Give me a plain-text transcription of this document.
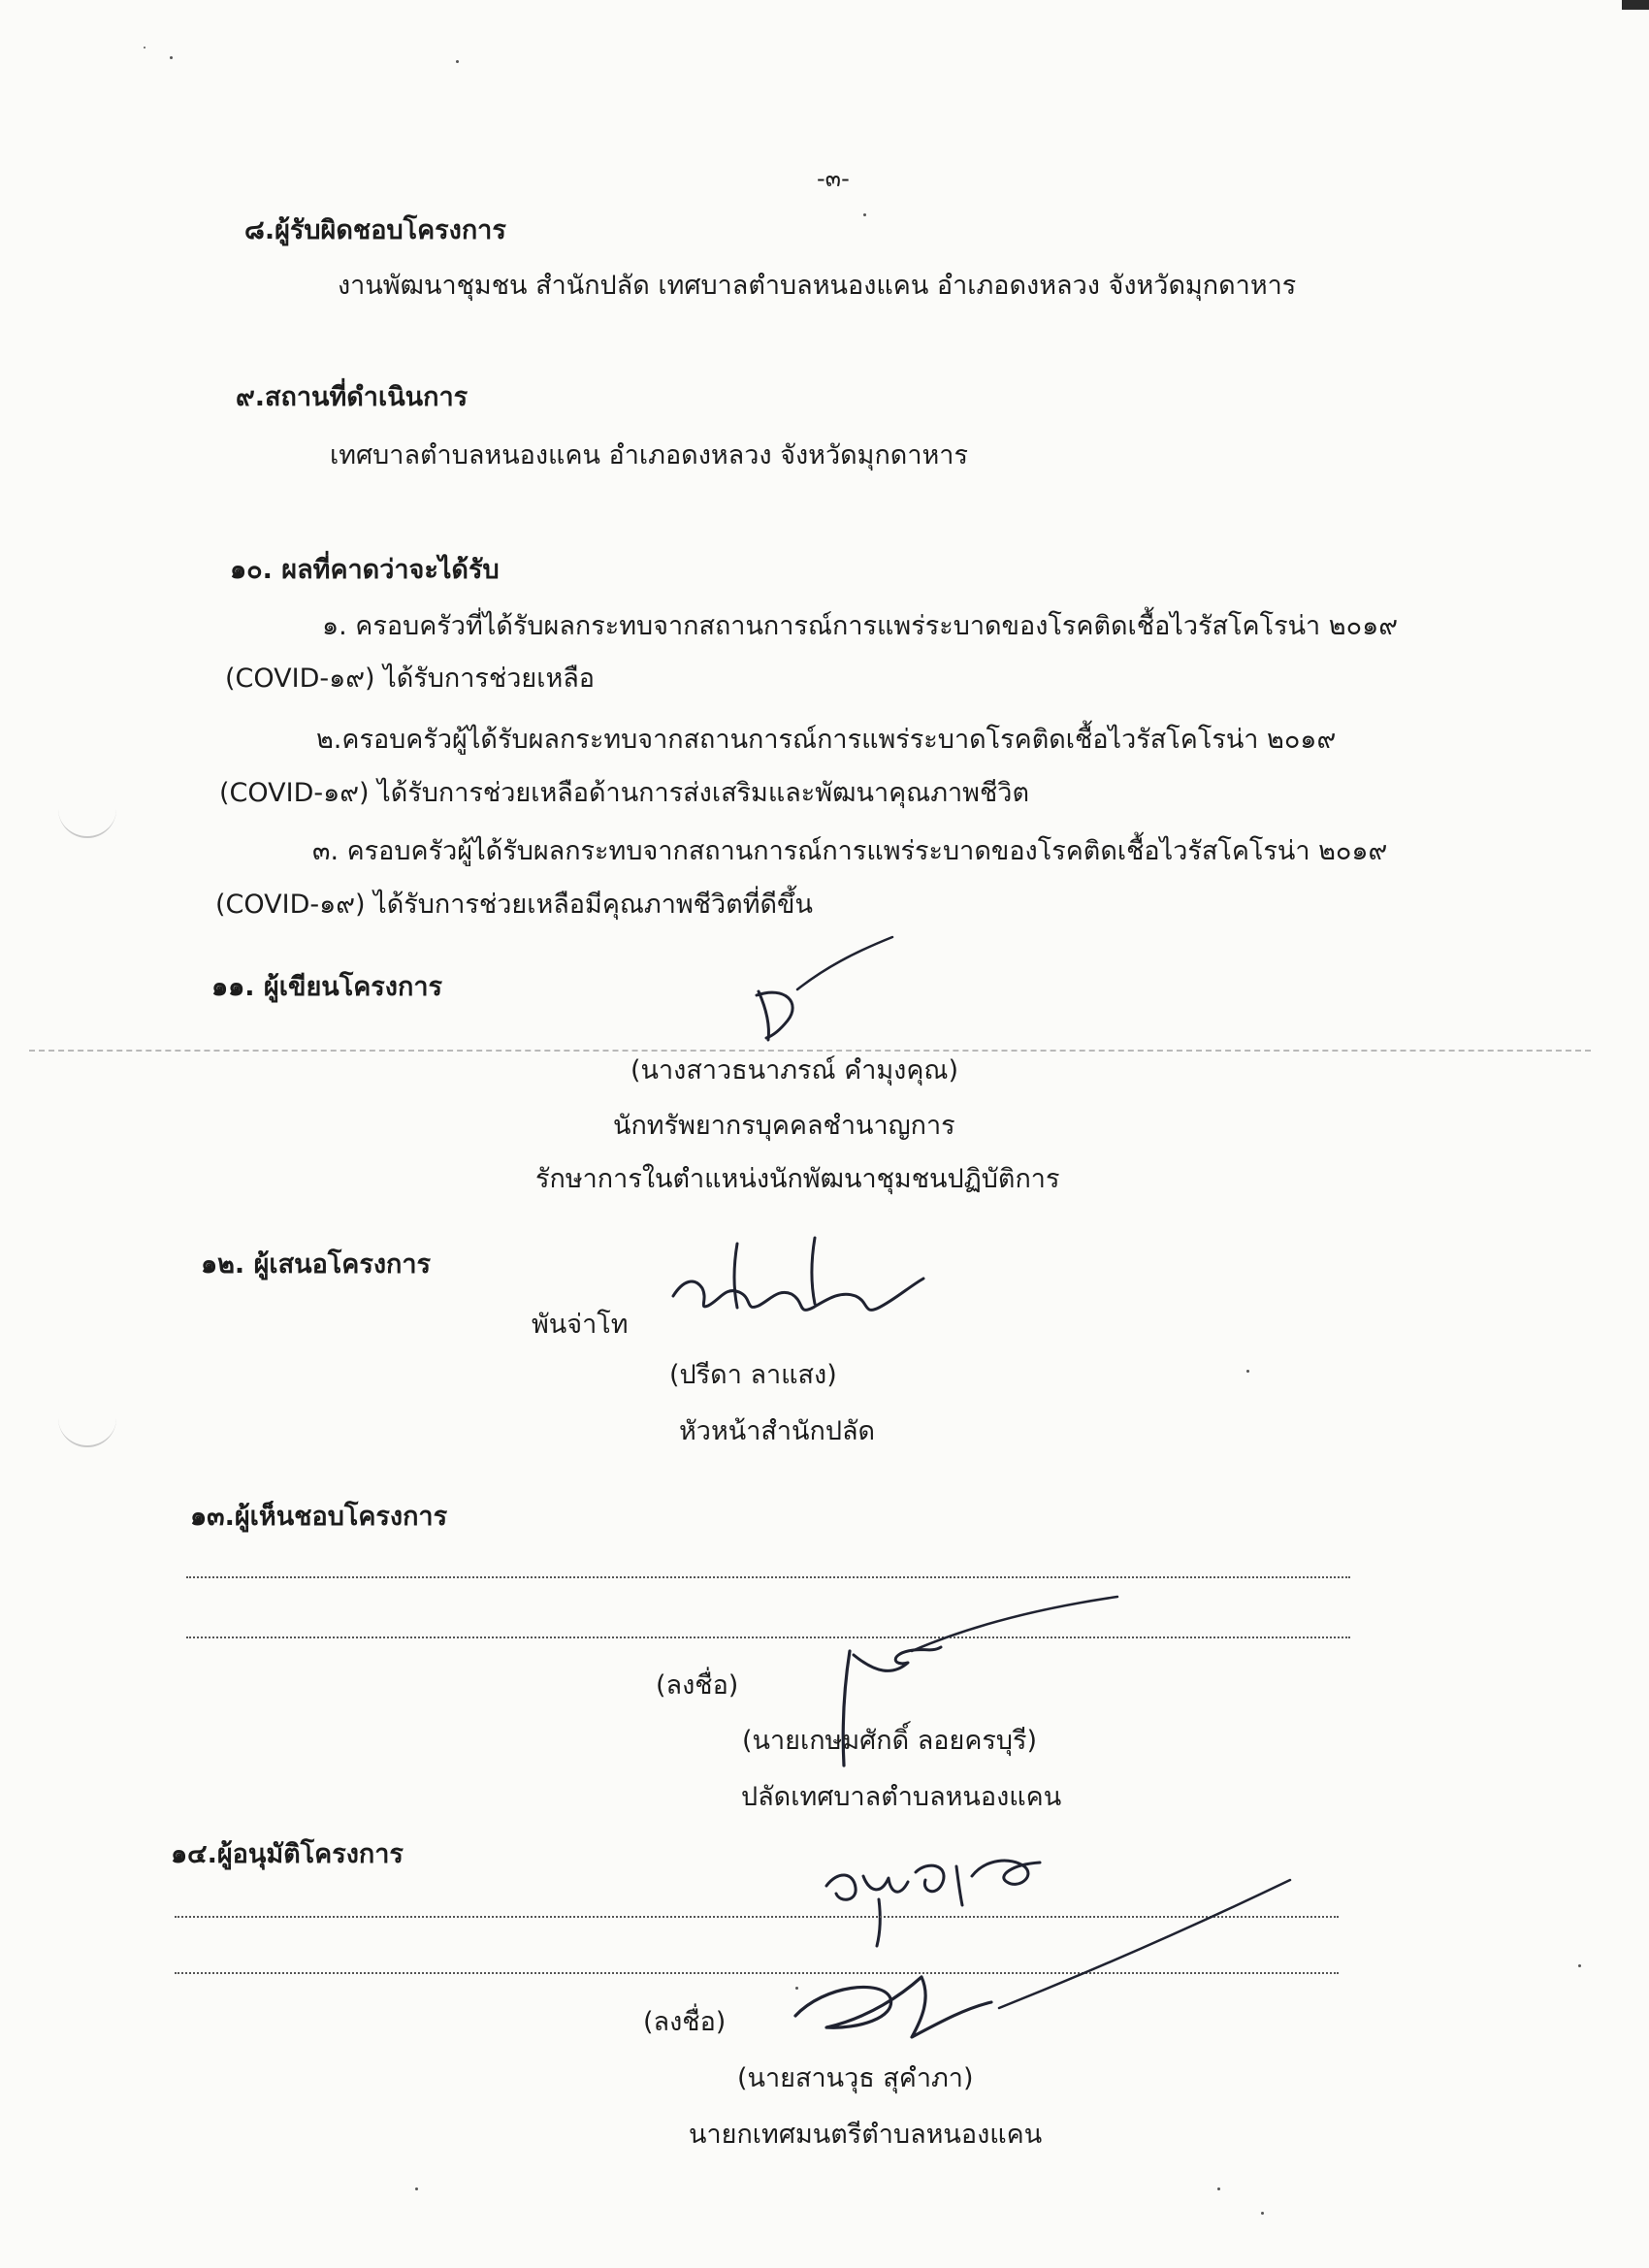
-๓-
๘.ผู้รับผิดชอบโครงการ
งานพัฒนาชุมชน สำนักปลัด เทศบาลตำบลหนองแคน อำเภอดงหลวง จังหวัดมุกดาหาร
๙.สถานที่ดำเนินการ
เทศบาลตำบลหนองแคน อำเภอดงหลวง จังหวัดมุกดาหาร
๑๐. ผลที่คาดว่าจะได้รับ
๑. ครอบครัวที่ได้รับผลกระทบจากสถานการณ์การแพร่ระบาดของโรคติดเชื้อไวรัสโคโรน่า ๒๐๑๙
(COVID-๑๙) ได้รับการช่วยเหลือ
๒.ครอบครัวผู้ได้รับผลกระทบจากสถานการณ์การแพร่ระบาดโรคติดเชื้อไวรัสโคโรน่า ๒๐๑๙
(COVID-๑๙) ได้รับการช่วยเหลือด้านการส่งเสริมและพัฒนาคุณภาพชีวิต
๓. ครอบครัวผู้ได้รับผลกระทบจากสถานการณ์การแพร่ระบาดของโรคติดเชื้อไวรัสโคโรน่า ๒๐๑๙
(COVID-๑๙) ได้รับการช่วยเหลือมีคุณภาพชีวิตที่ดีขึ้น
๑๑. ผู้เขียนโครงการ
(นางสาวธนาภรณ์ คำมุงคุณ)
นักทรัพยากรบุคคลชำนาญการ
รักษาการในตำแหน่งนักพัฒนาชุมชนปฏิบัติการ
๑๒. ผู้เสนอโครงการ
พันจ่าโท
(ปรีดา ลาแสง)
หัวหน้าสำนักปลัด
๑๓.ผู้เห็นชอบโครงการ
(ลงชื่อ)
(นายเกษมศักดิ์ ลอยครบุรี)
ปลัดเทศบาลตำบลหนองแคน
๑๔.ผู้อนุมัติโครงการ
(ลงชื่อ)
(นายสานวุธ สุคำภา)
นายกเทศมนตรีตำบลหนองแคน
